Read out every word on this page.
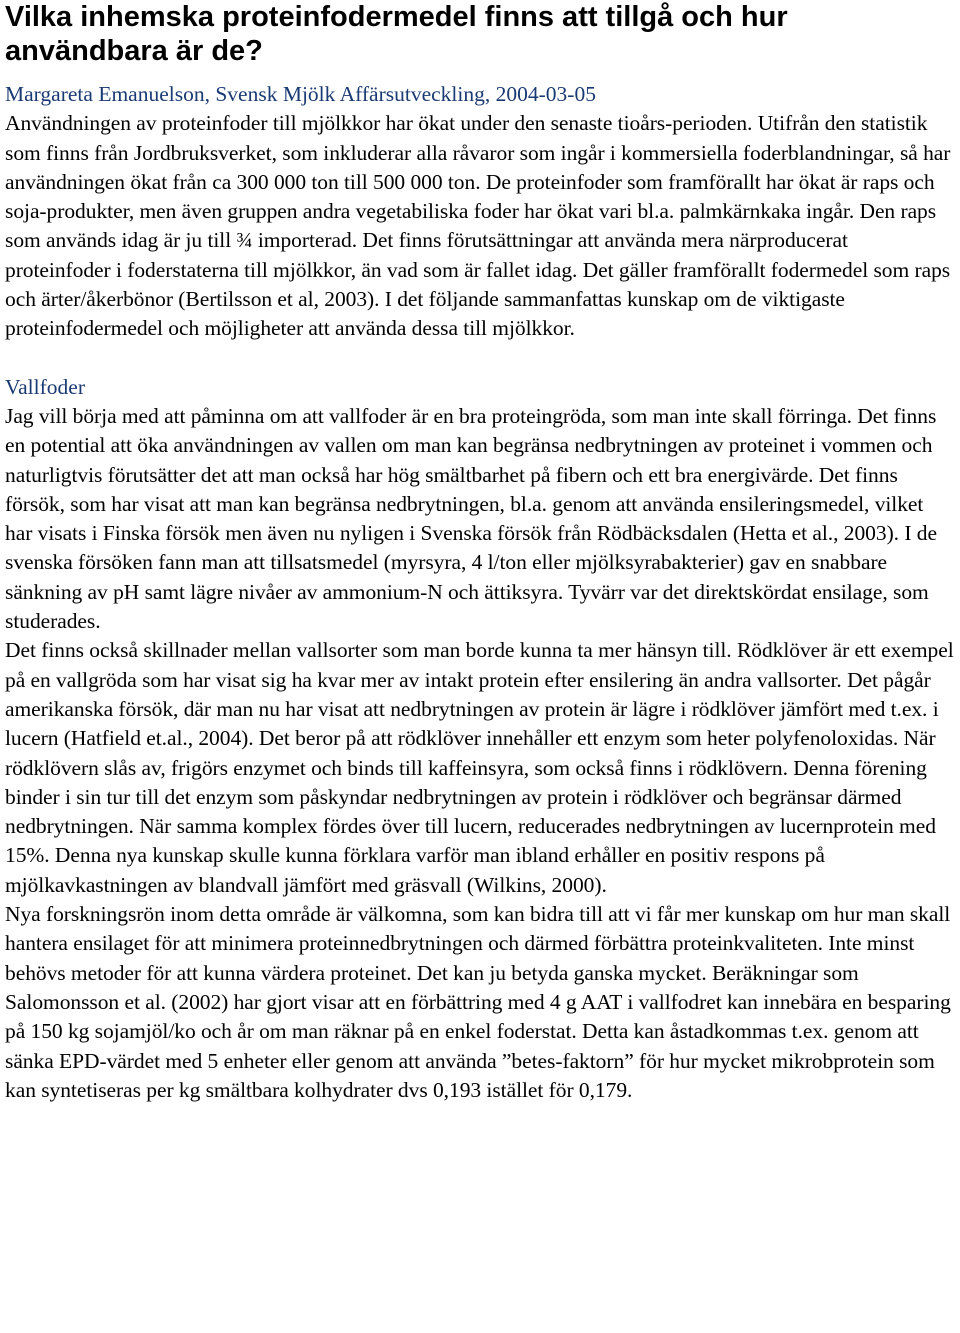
Vilka inhemska proteinfodermedel finns att tillgå och hur användbara är de?
Margareta Emanuelson, Svensk Mjölk Affärsutveckling, 2004-03-05

Användningen av proteinfoder till mjölkkor har ökat under den senaste tioårs-perioden. Utifrån den statistik som finns från Jordbruksverket, som inkluderar alla råvaror som ingår i kommersiella foderblandningar, så har användningen ökat från ca 300 000 ton till 500 000 ton. De proteinfoder som framförallt har ökat är raps och soja-produkter, men även gruppen andra vegetabiliska foder har ökat vari bl.a. palmkärnkaka ingår. Den raps som används idag är ju till ¾ importerad. Det finns förutsättningar att använda mera närproducerat proteinfoder i foderstaterna till mjölkkor, än vad som är fallet idag. Det gäller framförallt fodermedel som raps och ärter/åkerbönor (Bertilsson et al, 2003). I det följande sammanfattas kunskap om de viktigaste proteinfodermedel och möjligheter att använda dessa till mjölkkor.

Vallfoder

Jag vill börja med att påminna om att vallfoder är en bra proteingröda, som man inte skall förringa. Det finns en potential att öka användningen av vallen om man kan begränsa nedbrytningen av proteinet i vommen och naturligtvis förutsätter det att man också har hög smältbarhet på fibern och ett bra energivärde. Det finns försök, som har visat att man kan begränsa nedbrytningen, bl.a. genom att använda ensileringsmedel, vilket har visats i Finska försök men även nu nyligen i Svenska försök från Rödbäcksdalen (Hetta et al., 2003). I de svenska försöken fann man att tillsatsmedel (myrsyra, 4 l/ton eller mjölksyrabakterier) gav en snabbare sänkning av pH samt lägre nivåer av ammonium-N och ättiksyra. Tyvärr var det direktskördat ensilage, som studerades.

Det finns också skillnader mellan vallsorter som man borde kunna ta mer hänsyn till. Rödklöver är ett exempel på en vallgröda som har visat sig ha kvar mer av intakt protein efter ensilering än andra vallsorter. Det pågår amerikanska försök, där man nu har visat att nedbrytningen av protein är lägre i rödklöver jämfört med t.ex. i lucern (Hatfield et.al., 2004). Det beror på att rödklöver innehåller ett enzym som heter polyfenoloxidas. När rödklövern slås av, frigörs enzymet och binds till kaffeinsyra, som också finns i rödklövern. Denna förening binder i sin tur till det enzym som påskyndar nedbrytningen av protein i rödklöver och begränsar därmed nedbrytningen. När samma komplex fördes över till lucern, reducerades nedbrytningen av lucernprotein med 15%. Denna nya kunskap skulle kunna förklara varför man ibland erhåller en positiv respons på mjölkavkastningen av blandvall jämfört med gräsvall (Wilkins, 2000).

Nya forskningsrön inom detta område är välkomna, som kan bidra till att vi får mer kunskap om hur man skall hantera ensilaget för att minimera proteinnedbrytningen och därmed förbättra proteinkvaliteten. Inte minst behövs metoder för att kunna värdera proteinet. Det kan ju betyda ganska mycket. Beräkningar som Salomonsson et al. (2002) har gjort visar att en förbättring med 4 g AAT i vallfodret kan innebära en besparing på 150 kg sojamjöl/ko och år om man räknar på en enkel foderstat. Detta kan åstadkommas t.ex. genom att sänka EPD-värdet med 5 enheter eller genom att använda ”betes-faktorn” för hur mycket mikrobprotein som kan syntetiseras per kg smältbara kolhydrater dvs 0,193 istället för 0,179.
